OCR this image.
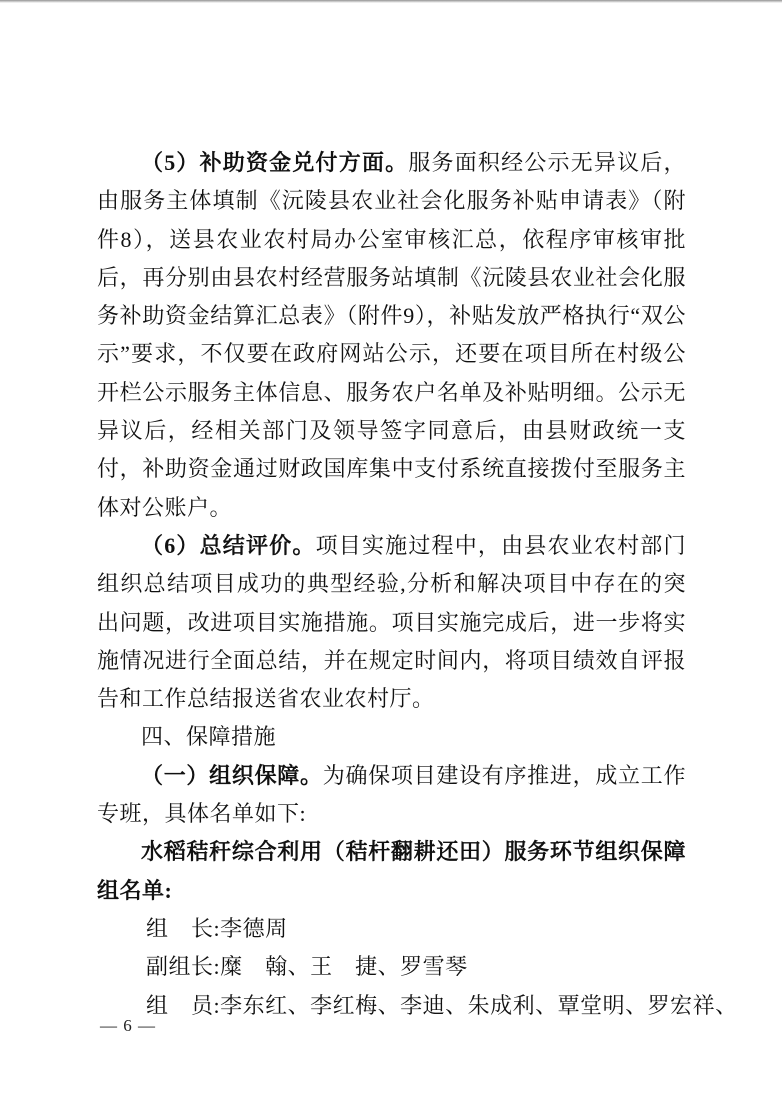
（5）补助资金兑付方面。服务面积经公示无异议后，由服务主体填制《沅陵县农业社会化服务补贴申请表》（附件8），送县农业农村局办公室审核汇总，依程序审核审批后，再分别由县农村经营服务站填制《沅陵县农业社会化服务补助资金结算汇总表》（附件9），补贴发放严格执行“双公示”要求，不仅要在政府网站公示，还要在项目所在村级公开栏公示服务主体信息、服务农户名单及补贴明细。公示无异议后，经相关部门及领导签字同意后，由县财政统一支付，补助资金通过财政国库集中支付系统直接拨付至服务主体对公账户。

（6）总结评价。项目实施过程中，由县农业农村部门组织总结项目成功的典型经验,分析和解决项目中存在的突出问题，改进项目实施措施。项目实施完成后，进一步将实施情况进行全面总结，并在规定时间内，将项目绩效自评报告和工作总结报送省农业农村厅。

四、保障措施

（一）组织保障。为确保项目建设有序推进，成立工作专班，具体名单如下:

水稻秸秆综合利用（秸杆翻耕还田）服务环节组织保障组名单:

组　长:李德周

副组长:糜　翰、王　捷、罗雪琴

组　员:李东红、李红梅、李迪、朱成利、覃堂明、罗宏祥、

— 6 —
